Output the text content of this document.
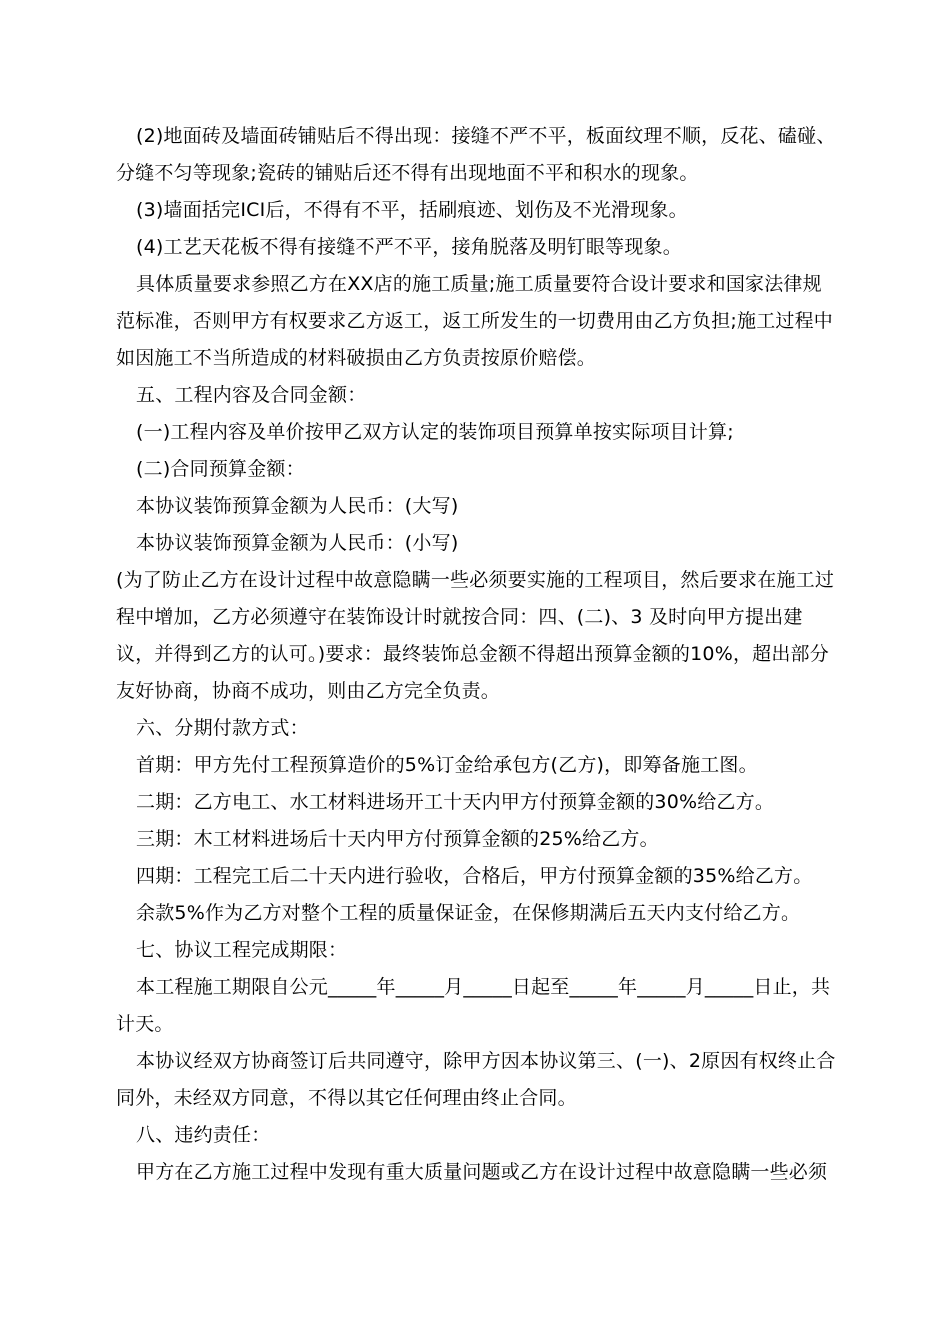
(2)地面砖及墙面砖铺贴后不得出现：接缝不严不平，板面纹理不顺，反花、磕碰、分缝不匀等现象;瓷砖的铺贴后还不得有出现地面不平和积水的现象。

(3)墙面括完ICI后，不得有不平，括刷痕迹、划伤及不光滑现象。

(4)工艺天花板不得有接缝不严不平，接角脱落及明钉眼等现象。

具体质量要求参照乙方在XX店的施工质量;施工质量要符合设计要求和国家法律规范标准，否则甲方有权要求乙方返工，返工所发生的一切费用由乙方负担;施工过程中如因施工不当所造成的材料破损由乙方负责按原价赔偿。

五、工程内容及合同金额：

(一)工程内容及单价按甲乙双方认定的装饰项目预算单按实际项目计算;

(二)合同预算金额：

本协议装饰预算金额为人民币：(大写)

本协议装饰预算金额为人民币：(小写)

(为了防止乙方在设计过程中故意隐瞒一些必须要实施的工程项目，然后要求在施工过程中增加，乙方必须遵守在装饰设计时就按合同：四、(二)、3 及时向甲方提出建议，并得到乙方的认可。)要求：最终装饰总金额不得超出预算金额的10%，超出部分友好协商，协商不成功，则由乙方完全负责。

六、分期付款方式：

首期：甲方先付工程预算造价的5%订金给承包方(乙方)，即筹备施工图。

二期：乙方电工、水工材料进场开工十天内甲方付预算金额的30%给乙方。

三期：木工材料进场后十天内甲方付预算金额的25%给乙方。

四期：工程完工后二十天内进行验收，合格后，甲方付预算金额的35%给乙方。

余款5%作为乙方对整个工程的质量保证金，在保修期满后五天内支付给乙方。

七、协议工程完成期限：

本工程施工期限自公元_____年_____月_____日起至_____年_____月_____日止，共计天。

本协议经双方协商签订后共同遵守，除甲方因本协议第三、(一)、2原因有权终止合同外，未经双方同意，不得以其它任何理由终止合同。

八、违约责任：

甲方在乙方施工过程中发现有重大质量问题或乙方在设计过程中故意隐瞒一些必须
